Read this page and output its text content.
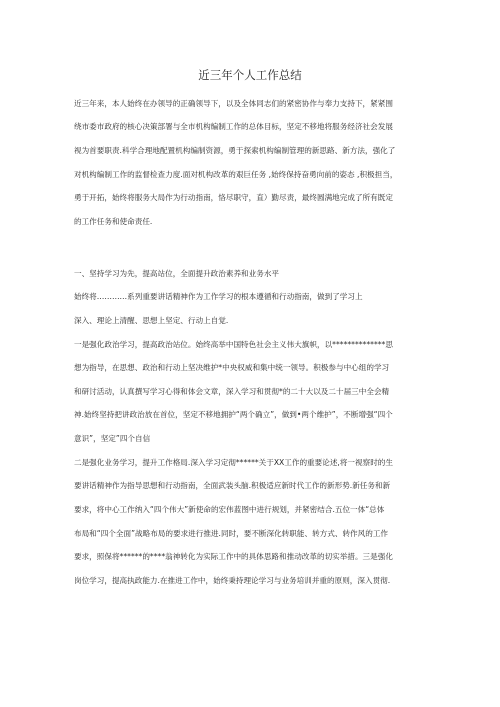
近三年个人工作总结
近三年来，本人始终在办领导的正确领导下，以及全体同志们的紧密协作与奉力支持下，紧紧围
绕市委市政府的核心决策部署与全市机构编制工作的总体目标，坚定不移地将服务经济社会发展
视为首要职责.科学合理地配置机构编制资源，勇于探索机构编制管理的新思路、新方法，强化了
对机构编制工作的监督检查力度.面对机构改革的艰巨任务 ,始终保持奋勇向前的姿态 ,积极担当，
勇于开拓，始终将服务大局作为行动指南，恪尽职守，直）勤尽责，最终圆满地完成了所有既定
的工作任务和使命责任.
一、坚持学习为先，提高站位，全面提升政治素养和业务水平
始终将…………系列重要讲话精神作为工作学习的根本遵循和行动指南，做到了学习上
深入、理论上清醒、思想上坚定、行动上自觉.
一是强化政治学习，提高政治站位。始终高举中国特色社会主义伟大旗帜，以**************思
想为指导，在思想、政治和行动上坚决维护*中央权威和集中统一领导。积极参与中心组的学习
和研讨活动，认真撰写学习心得和体会文章，深入学习和贯彻*的二十大以及二十届三中全会精
神.始终坚持把讲政治放在首位，坚定不移地拥护“两个确立”，做到•两个维护”，不断增强“四个
意识”，坚定”四个自信
二是强化业务学习，提升工作格局.深入学习定彻******关于XX工作的重要论述,将一视察时的生
要讲话精神作为指导思想和行动指南，全面武装头脑.积极适应新时代工作的新形势.新任务和新
要求，将中心工作纳入“四个伟大”新使命的宏伟蓝图中进行规划，并紧密结合.五位一体“总体
布局和“四个全面”战略布局的要求进行推进.同时，要不断深化转职能、转方式、转作风的工作
要求，照保将******的****翁神转化为实际工作中的具体思路和推动改革的切实举措。三是强化
岗位学习，提高执政能力.在推进工作中，始终秉持理论学习与业务培训并重的原则，深入贯彻.
